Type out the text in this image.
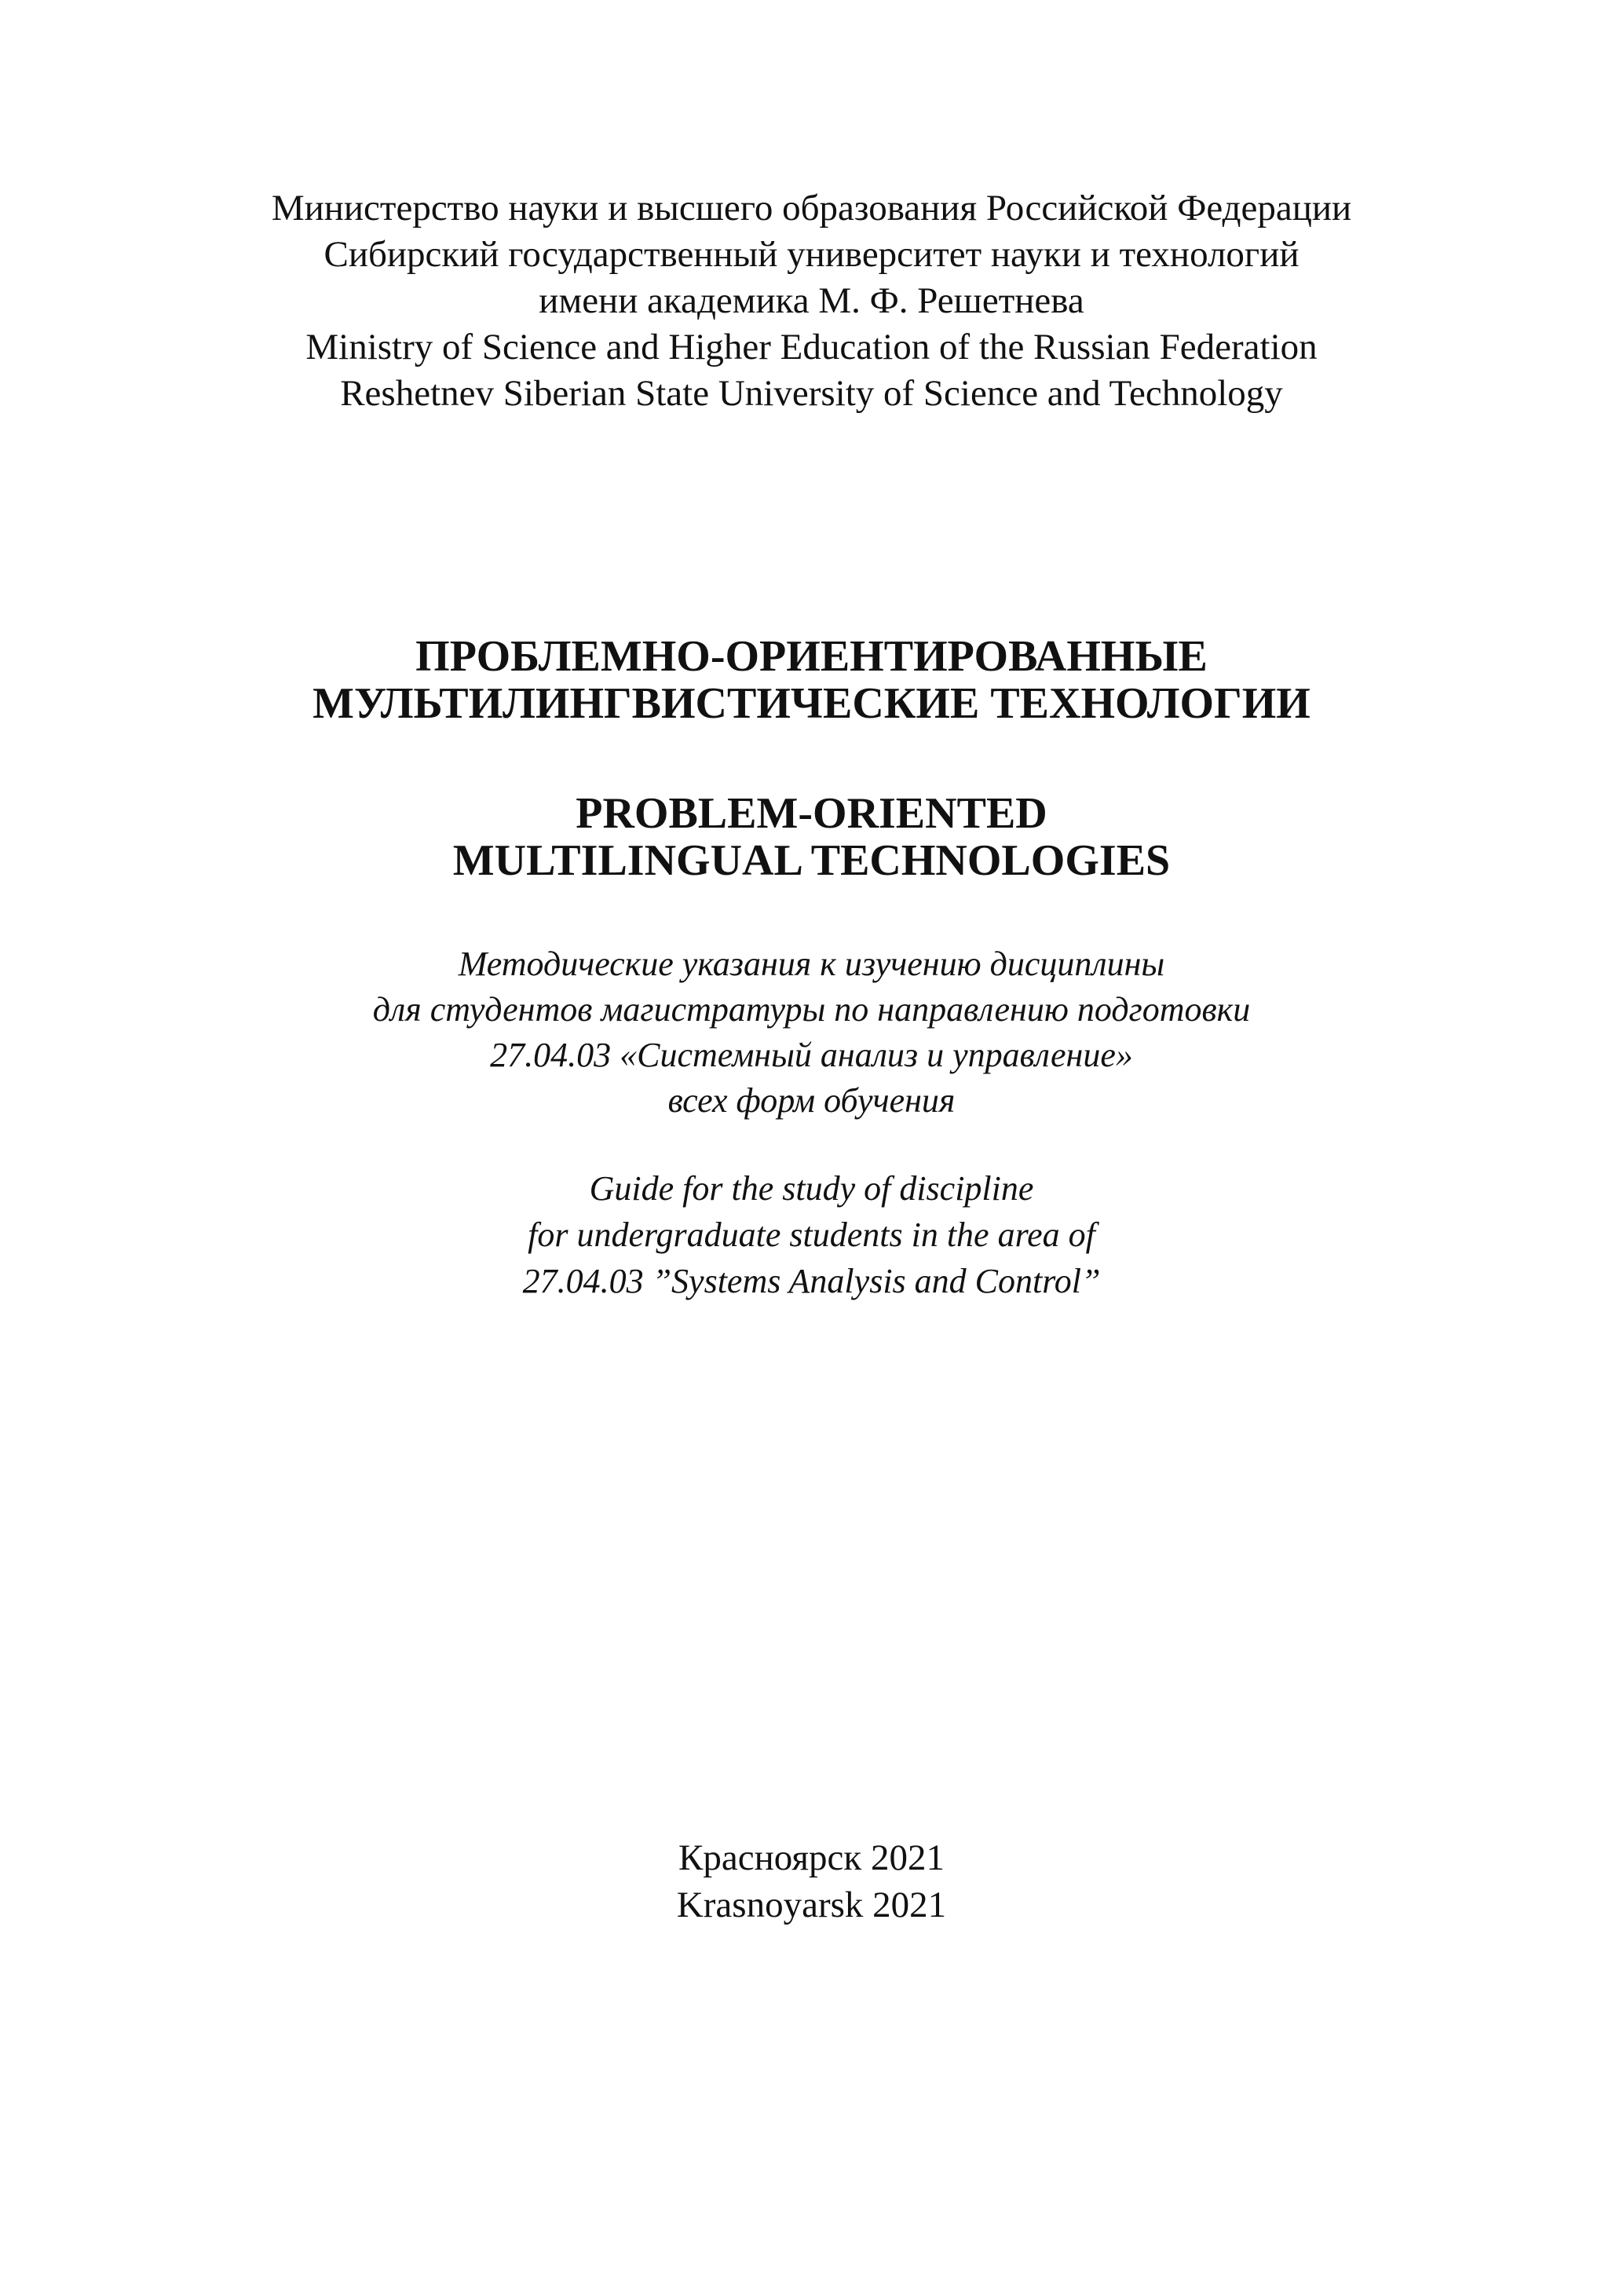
Министерство науки и высшего образования Российской Федерации
Сибирский государственный университет науки и технологий
имени академика М. Ф. Решетнева
Ministry of Science and Higher Education of the Russian Federation
Reshetnev Siberian State University of Science and Technology
ПРОБЛЕМНО-ОРИЕНТИРОВАННЫЕ
МУЛЬТИЛИНГВИСТИЧЕСКИЕ ТЕХНОЛОГИИ
PROBLEM-ORIENTED
MULTILINGUAL TECHNOLOGIES
Методические указания к изучению дисциплины
для студентов магистратуры по направлению подготовки
27.04.03 «Системный анализ и управление»
всех форм обучения
Guide for the study of discipline
for undergraduate students in the area of
27.04.03 ”Systems Analysis and Control”
Красноярск 2021
Krasnoyarsk 2021
